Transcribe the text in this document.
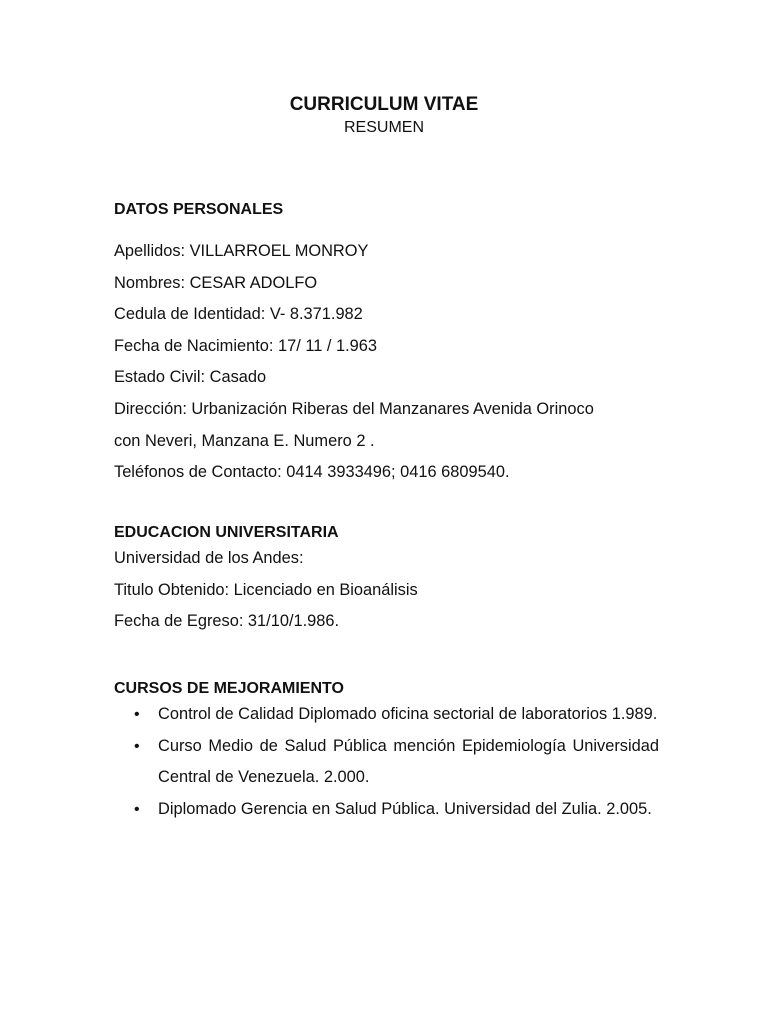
CURRICULUM VITAE

RESUMEN

DATOS PERSONALES

Apellidos: VILLARROEL MONROY

Nombres: CESAR ADOLFO

Cedula de Identidad: V- 8.371.982

Fecha de Nacimiento: 17/ 11 / 1.963

Estado Civil: Casado

Dirección: Urbanización Riberas del Manzanares Avenida Orinoco

con Neveri, Manzana E. Numero 2 .

Teléfonos de Contacto: 0414 3933496; 0416 6809540.

EDUCACION UNIVERSITARIA

Universidad de los Andes:

Titulo Obtenido: Licenciado en Bioanálisis

Fecha de Egreso: 31/10/1.986.

CURSOS DE MEJORAMIENTO
• Control de Calidad Diplomado oficina sectorial de laboratorios 1.989.
• Curso Medio de Salud Pública mención Epidemiología Universidad Central de Venezuela. 2.000.
• Diplomado Gerencia en Salud Pública. Universidad del Zulia. 2.005.
